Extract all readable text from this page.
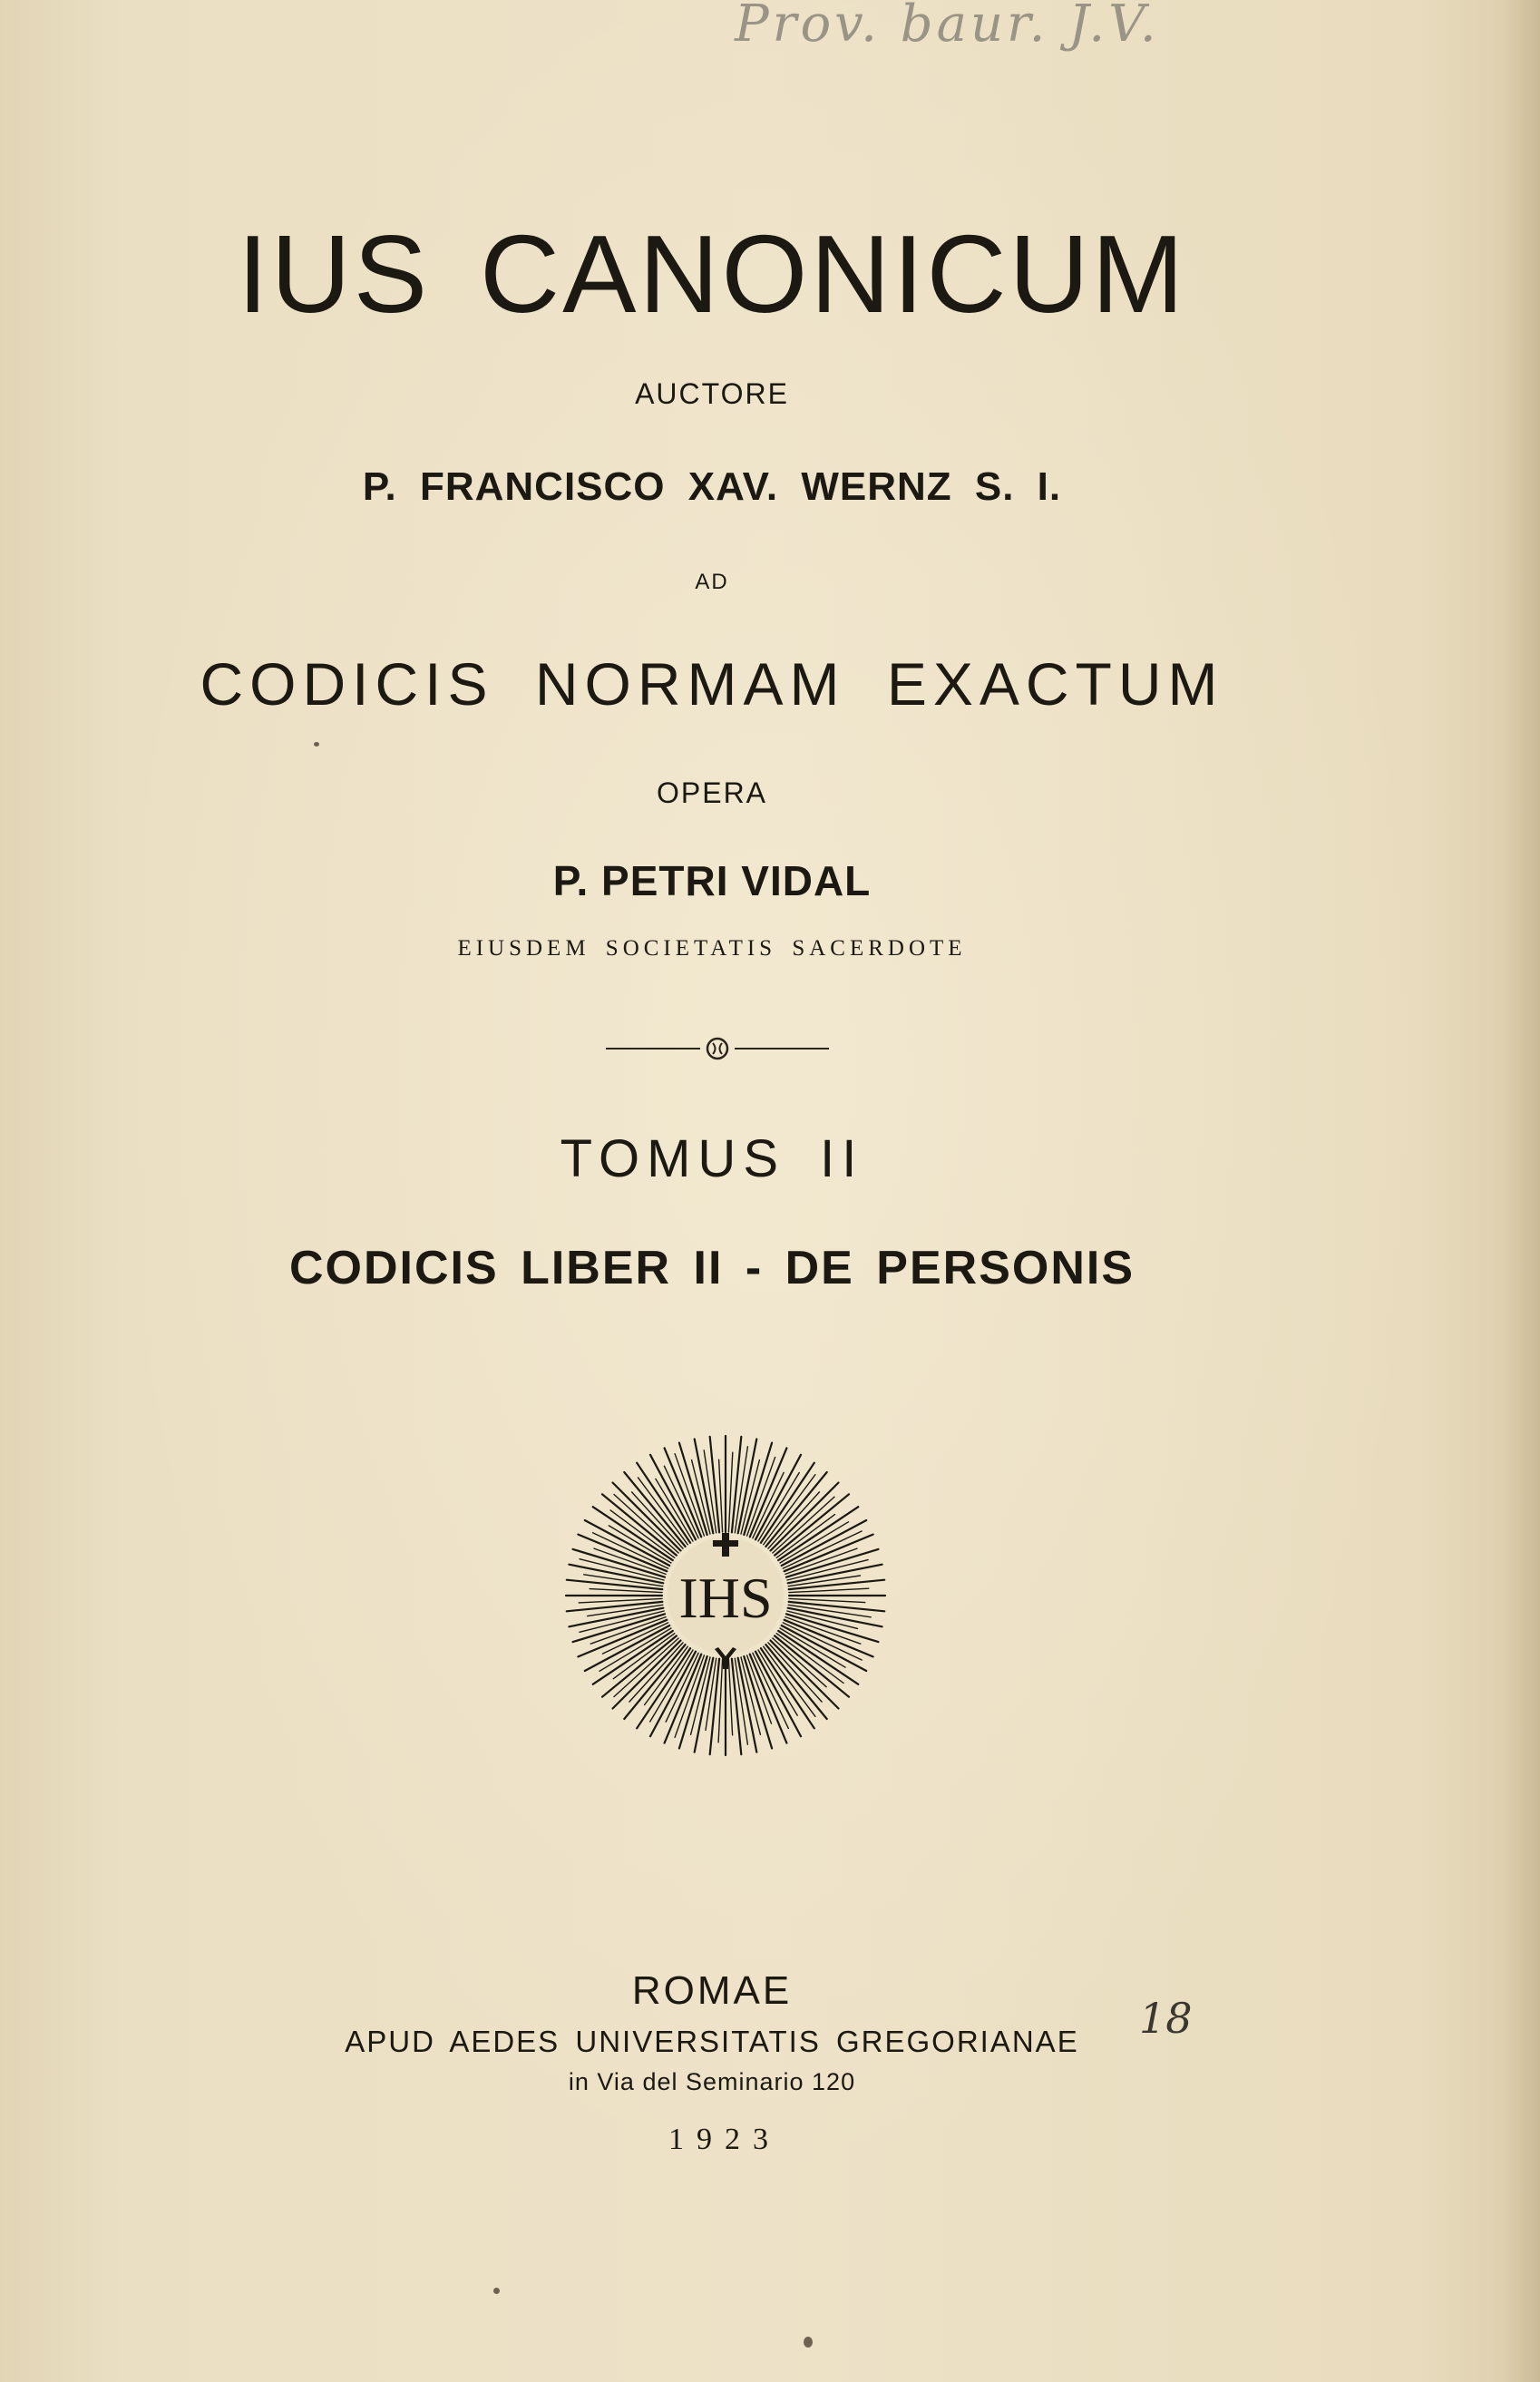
Prov. baur. J.V.
IUS CANONICUM
AUCTORE
P. FRANCISCO XAV. WERNZ S. I.
AD
CODICIS NORMAM EXACTUM
OPERA
P. PETRI VIDAL
EIUSDEM SOCIETATIS SACERDOTE
TOMUS II
CODICIS LIBER II - DE PERSONIS
IHS
ROMAE
APUD AEDES UNIVERSITATIS GREGORIANAE
in Via del Seminario 120
1923
18
